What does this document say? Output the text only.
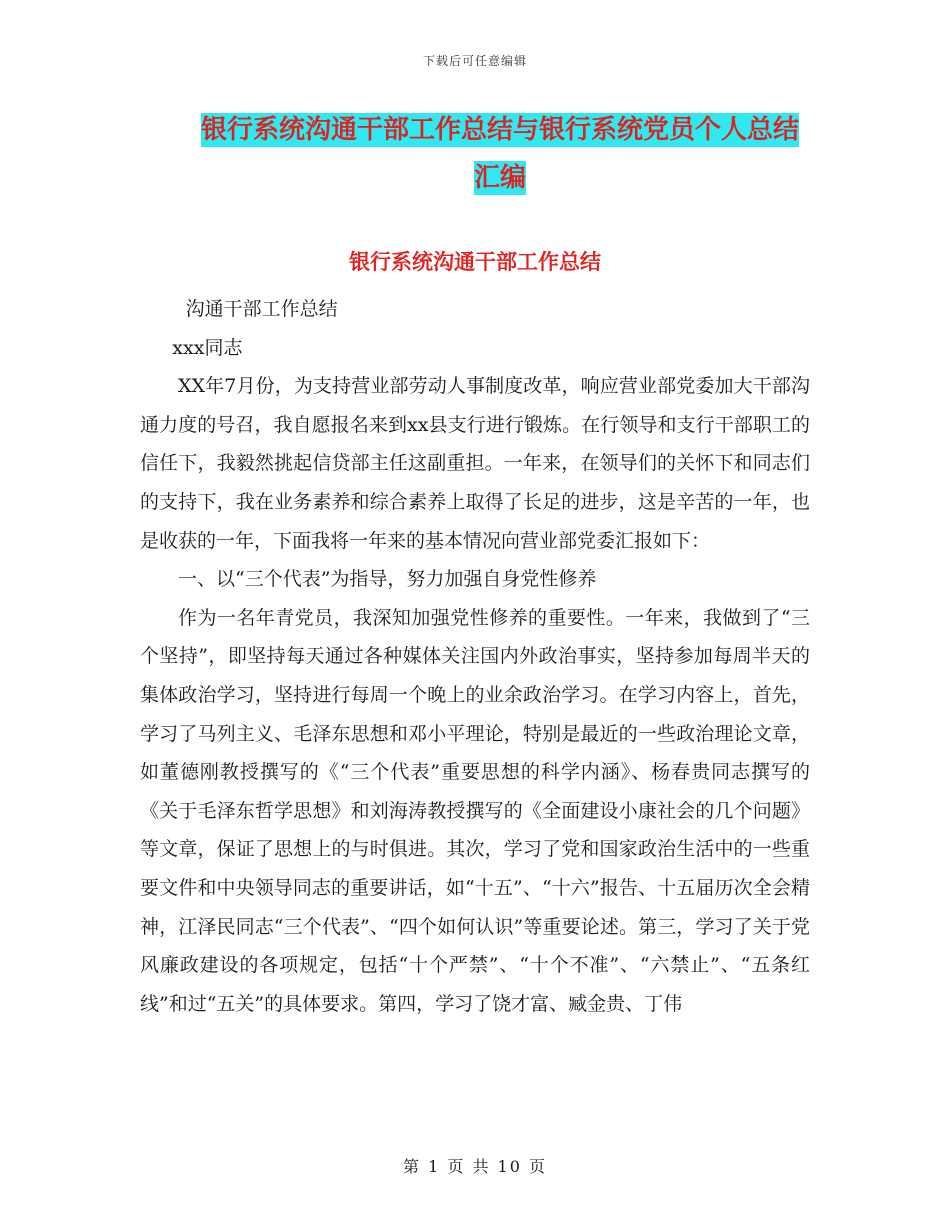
下载后可任意编辑
银行系统沟通干部工作总结与银行系统党员个人总结
汇编
银行系统沟通干部工作总结

沟通干部工作总结

xxx同志

XX年7月份，为支持营业部劳动人事制度改革，响应营业部党委加大干部沟通力度的号召，我自愿报名来到xx县支行进行锻炼。在行领导和支行干部职工的信任下，我毅然挑起信贷部主任这副重担。一年来，在领导们的关怀下和同志们的支持下，我在业务素养和综合素养上取得了长足的进步，这是辛苦的一年，也是收获的一年，下面我将一年来的基本情况向营业部党委汇报如下：

一、以“三个代表”为指导，努力加强自身党性修养

作为一名年青党员，我深知加强党性修养的重要性。一年来，我做到了“三个坚持”，即坚持每天通过各种媒体关注国内外政治事实，坚持参加每周半天的集体政治学习，坚持进行每周一个晚上的业余政治学习。在学习内容上，首先，学习了马列主义、毛泽东思想和邓小平理论，特别是最近的一些政治理论文章，如董德刚教授撰写的《“三个代表”重要思想的科学内涵》、杨春贵同志撰写的《关于毛泽东哲学思想》和刘海涛教授撰写的《全面建设小康社会的几个问题》等文章，保证了思想上的与时俱进。其次，学习了党和国家政治生活中的一些重要文件和中央领导同志的重要讲话，如“十五”、“十六”报告、十五届历次全会精神，江泽民同志“三个代表”、“四个如何认识”等重要论述。第三，学习了关于党风廉政建设的各项规定，包括“十个严禁”、“十个不准”、“六禁止”、“五条红线”和过“五关”的具体要求。第四，学习了饶才富、臧金贵、丁伟

第 1 页 共 10 页
